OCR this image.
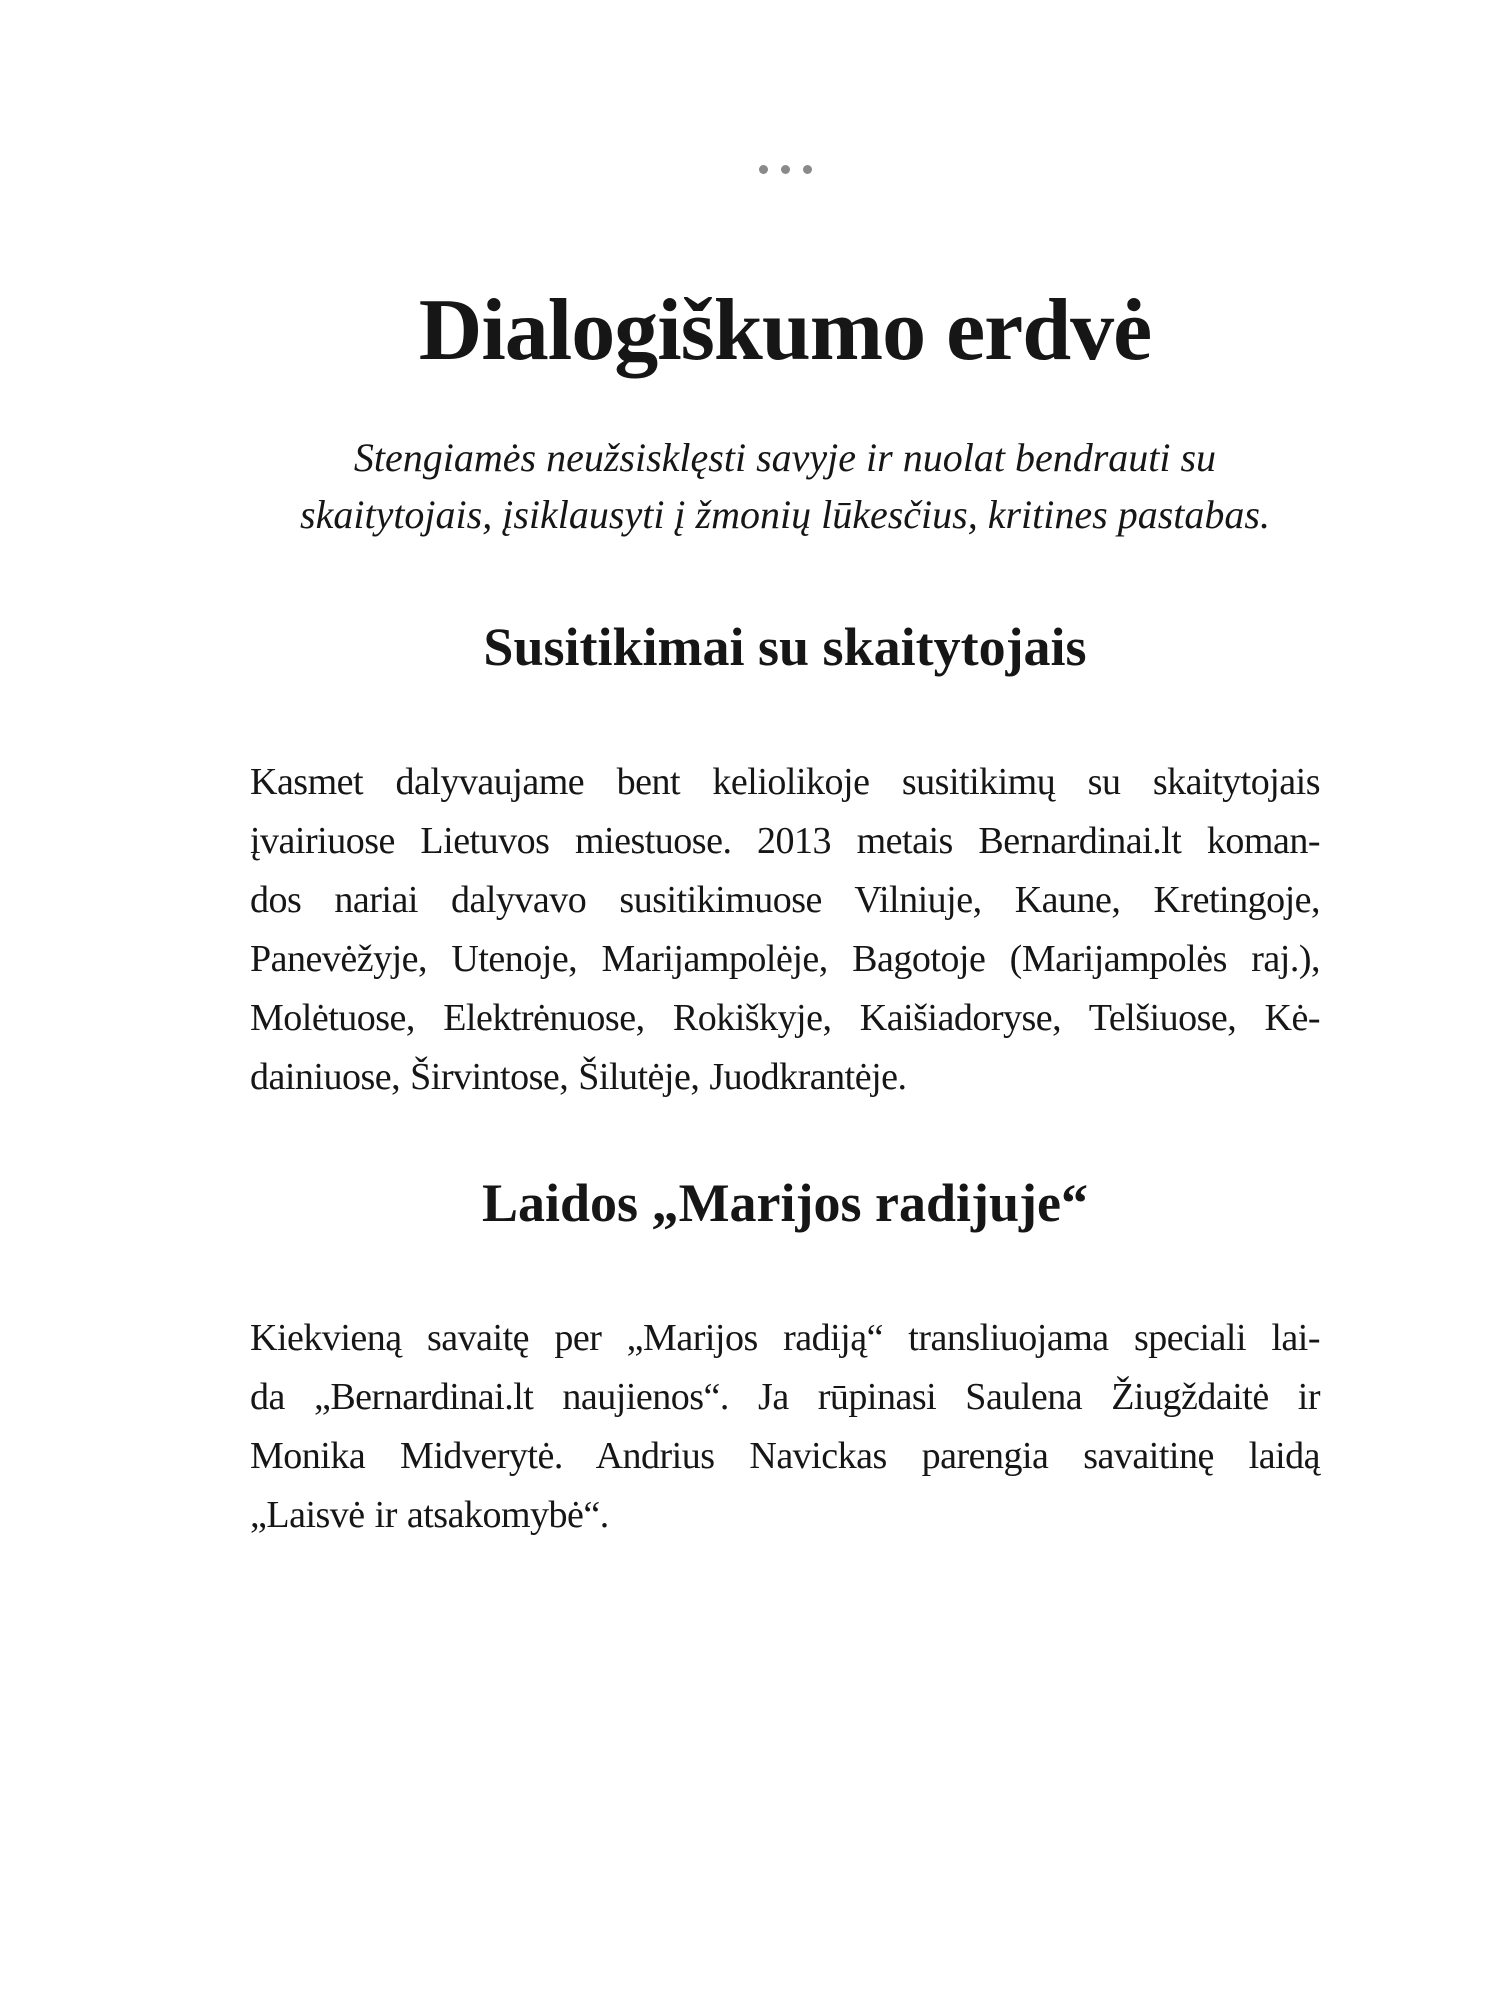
Dialogiškumo erdvė
Stengiamės neužsisklęsti savyje ir nuolat bendrauti su
skaitytojais, įsiklausyti į žmonių lūkesčius, kritines pastabas.
Susitikimai su skaitytojais
Kasmet dalyvaujame bent keliolikoje susitikimų su skaitytojais
įvairiuose Lietuvos miestuose. 2013 metais Bernardinai.lt koman-
dos nariai dalyvavo susitikimuose Vilniuje, Kaune, Kretingoje,
Panevėžyje, Utenoje, Marijampolėje, Bagotoje (Marijampolės raj.),
Molėtuose, Elektrėnuose, Rokiškyje, Kaišiadoryse, Telšiuose, Kė-
dainiuose, Širvintose, Šilutėje, Juodkrantėje.
Laidos „Marijos radijuje“
Kiekvieną savaitę per „Marijos radiją“ transliuojama speciali lai-
da „Bernardinai.lt naujienos“. Ja rūpinasi Saulena Žiugždaitė ir
Monika Midverytė. Andrius Navickas parengia savaitinę laidą
„Laisvė ir atsakomybė“.
